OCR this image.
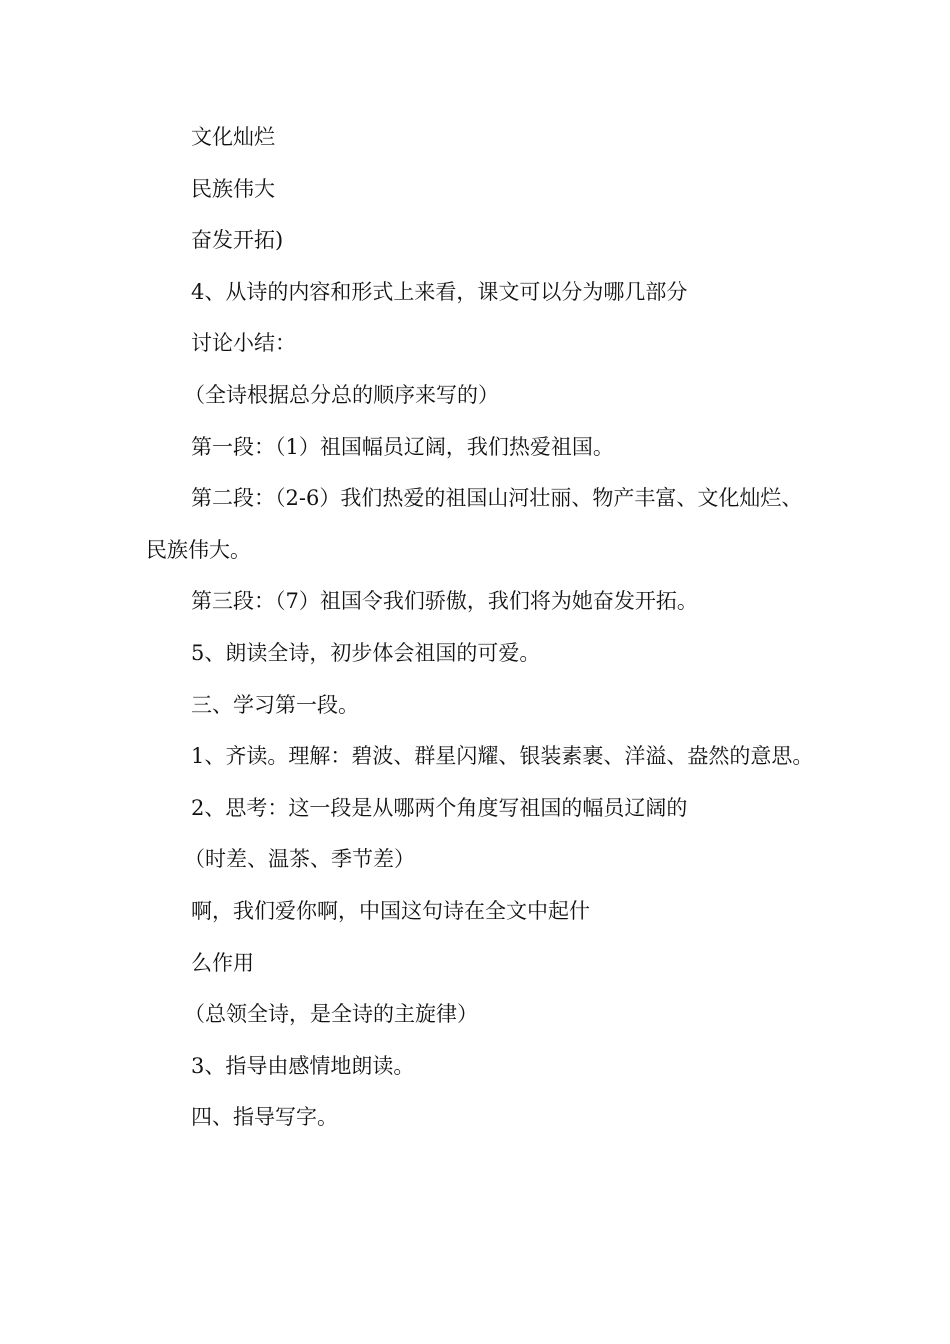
文化灿烂

民族伟大

奋发开拓)

4、从诗的内容和形式上来看，课文可以分为哪几部分

讨论小结：

（全诗根据总分总的顺序来写的）

第一段：（1）祖国幅员辽阔，我们热爱祖国。

第二段：（2-6）我们热爱的祖国山河壮丽、物产丰富、文化灿烂、民族伟大。

第三段：（7）祖国令我们骄傲，我们将为她奋发开拓。

5、朗读全诗，初步体会祖国的可爱。

三、学习第一段。

1、齐读。理解：碧波、群星闪耀、银装素裹、洋溢、盎然的意思。

2、思考：这一段是从哪两个角度写祖国的幅员辽阔的

（时差、温茶、季节差）

啊，我们爱你啊，中国这句诗在全文中起什

么作用

（总领全诗，是全诗的主旋律）

3、指导由感情地朗读。

四、指导写字。
